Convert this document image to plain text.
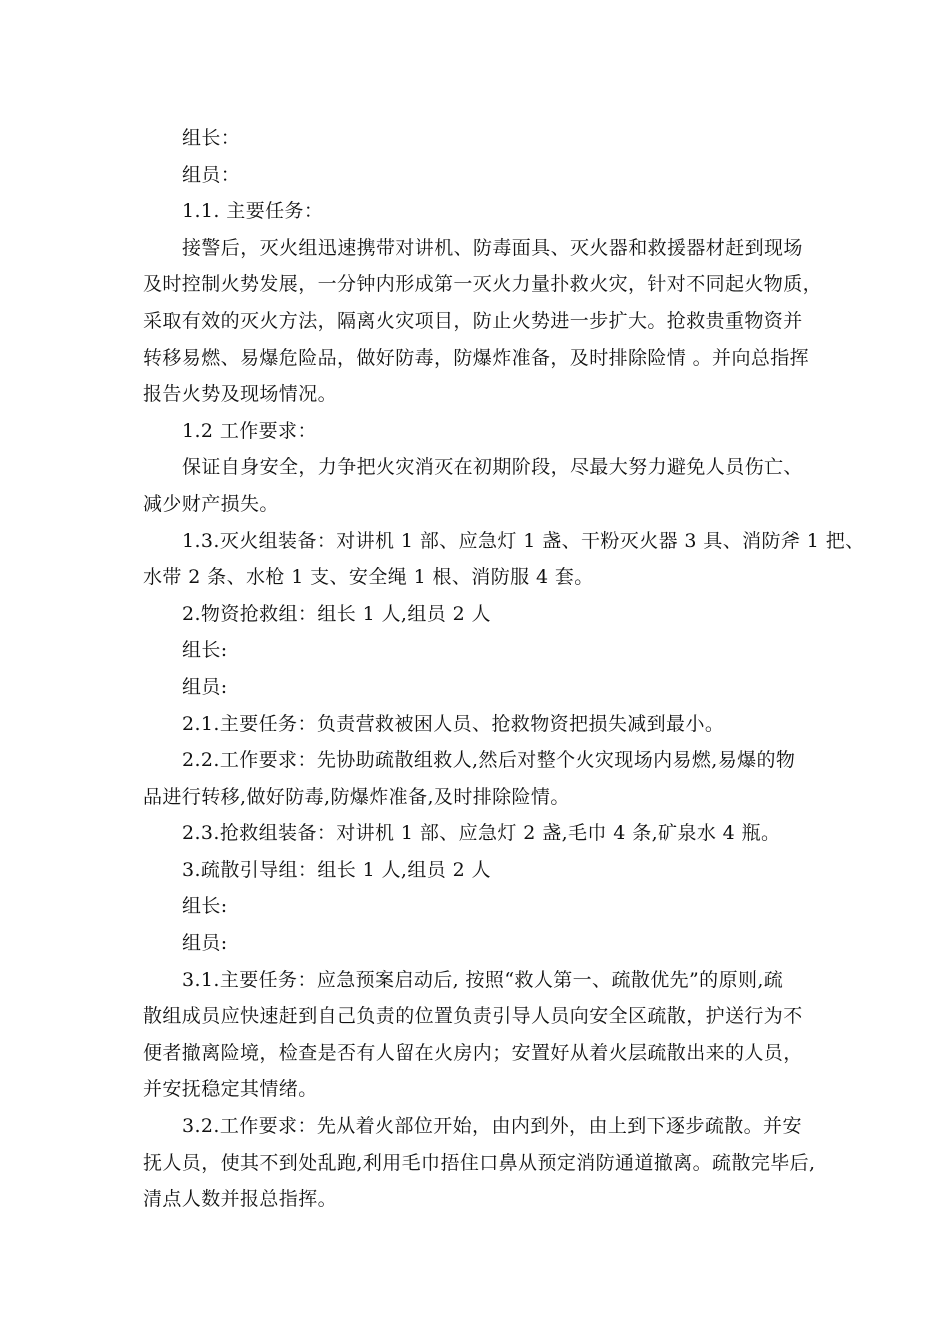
组长：
组员：
1.1. 主要任务：
接警后，灭火组迅速携带对讲机、防毒面具、灭火器和救援器材赶到现场
及时控制火势发展，一分钟内形成第一灭火力量扑救火灾，针对不同起火物质，
采取有效的灭火方法，隔离火灾项目，防止火势进一步扩大。抢救贵重物资并
转移易燃、易爆危险品，做好防毒，防爆炸准备，及时排除险情 。并向总指挥
报告火势及现场情况。
1.2 工作要求：
保证自身安全，力争把火灾消灭在初期阶段，尽最大努力避免人员伤亡、
减少财产损失。
1.3.灭火组装备：对讲机 1 部、应急灯 1 盏、干粉灭火器 3 具、消防斧 1 把、
水带 2 条、水枪 1 支、安全绳 1 根、消防服 4 套。
2.物资抢救组：组长 1 人,组员 2 人
组长:
组员:
2.1.主要任务：负责营救被困人员、抢救物资把损失减到最小。
2.2.工作要求：先协助疏散组救人,然后对整个火灾现场内易燃,易爆的物
品进行转移,做好防毒,防爆炸准备,及时排除险情。
2.3.抢救组装备：对讲机 1 部、应急灯 2 盏,毛巾 4 条,矿泉水 4 瓶。
3.疏散引导组：组长 1 人,组员 2 人
组长:
组员:
3.1.主要任务：应急预案启动后, 按照“救人第一、疏散优先”的原则,疏
散组成员应快速赶到自己负责的位置负责引导人员向安全区疏散，护送行为不
便者撤离险境，检查是否有人留在火房内；安置好从着火层疏散出来的人员，
并安抚稳定其情绪。
3.2.工作要求：先从着火部位开始，由内到外，由上到下逐步疏散。并安
抚人员，使其不到处乱跑,利用毛巾捂住口鼻从预定消防通道撤离。疏散完毕后,
清点人数并报总指挥。
